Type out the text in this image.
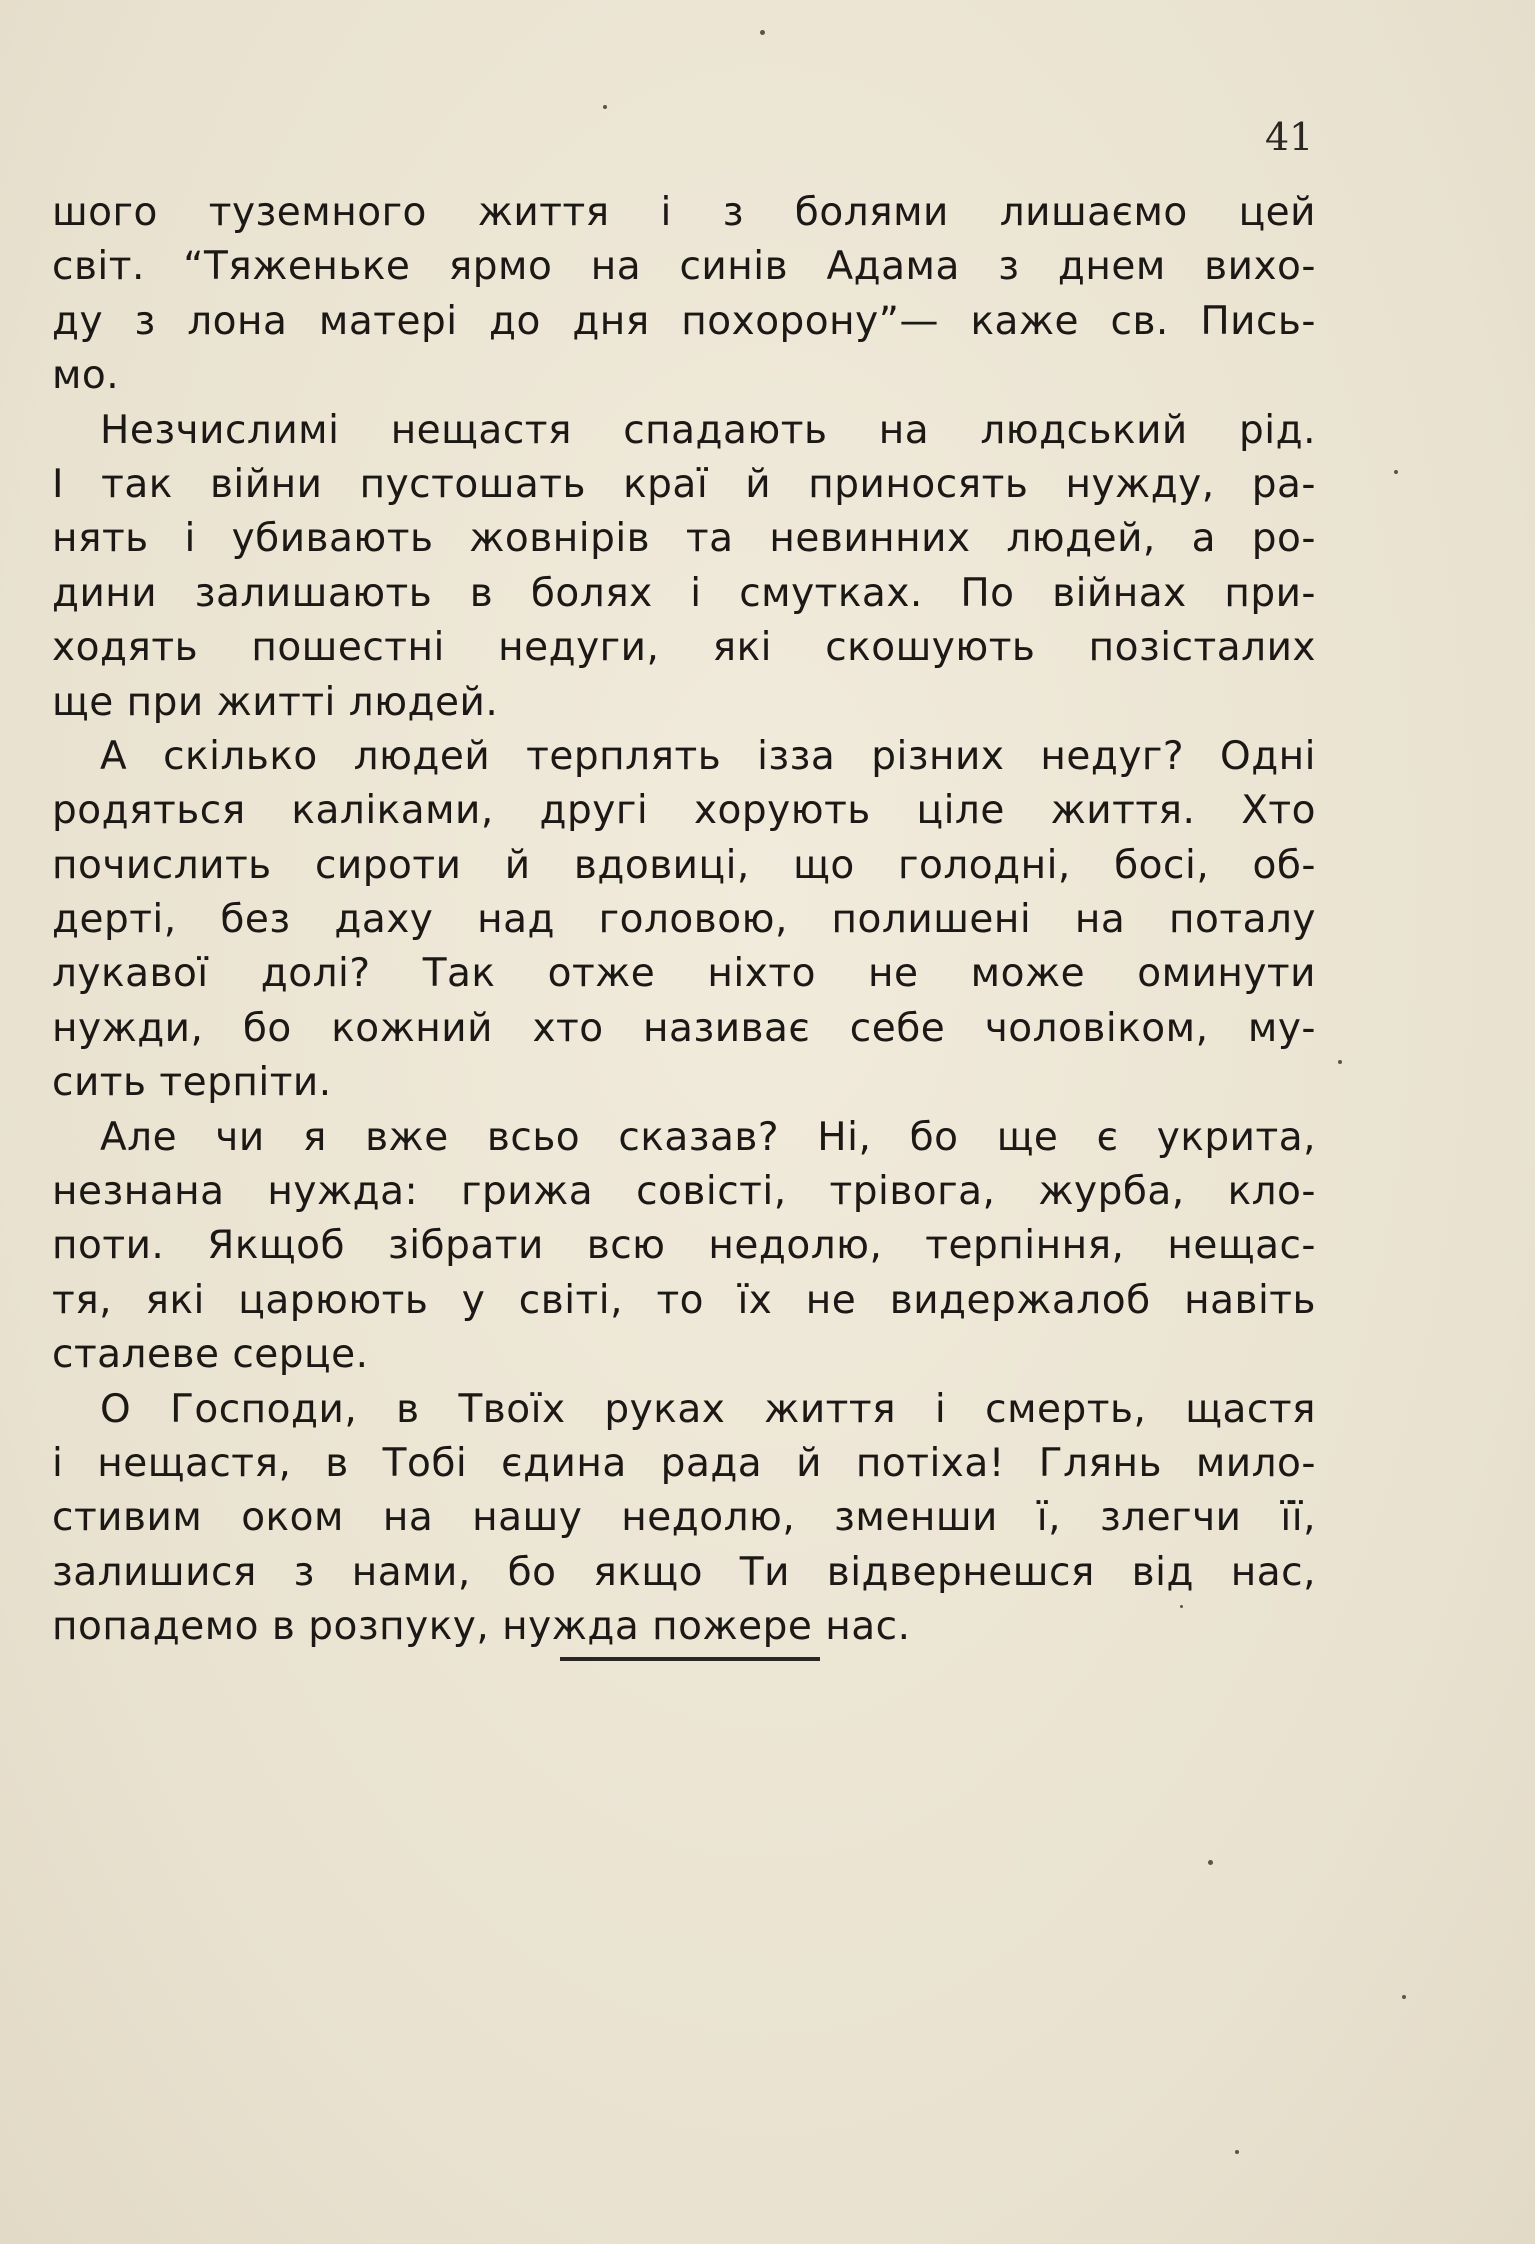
41
шого туземного життя і з болями лишаємо цей
світ. “Тяженьке ярмо на синів Адама з днем вихо-
ду з лона матері до дня похорону”— каже св. Пись-
мо.
Незчислимі нещастя спадають на людський рід.
І так війни пустошать краї й приносять нужду, ра-
нять і убивають жовнірів та невинних людей, а ро-
дини залишають в болях і смутках. По війнах при-
ходять пошестні недуги, які скошують позісталих
ще при житті людей.
А скілько людей терплять ізза різних недуг? Одні
родяться каліками, другі хорують ціле життя. Хто
почислить сироти й вдовиці, що голодні, босі, об-
дерті, без даху над головою, полишені на поталу
лукавої долі? Так отже ніхто не може оминути
нужди, бо кожний хто називає себе чоловіком, му-
сить терпіти.
Але чи я вже всьо сказав? Ні, бо ще є укрита,
незнана нужда: грижа совісті, трівога, журба, кло-
поти. Якщоб зібрати всю недолю, терпіння, нещас-
тя, які царюють у світі, то їх не видержалоб навіть
сталеве серце.
О Господи, в Твоїх руках життя і смерть, щастя
і нещастя, в Тобі єдина рада й потіха! Глянь мило-
стивим оком на нашу недолю, зменши ї, злегчи її,
залишися з нами, бо якщо Ти відвернешся від нас,
попадемо в розпуку, нужда пожере нас.
